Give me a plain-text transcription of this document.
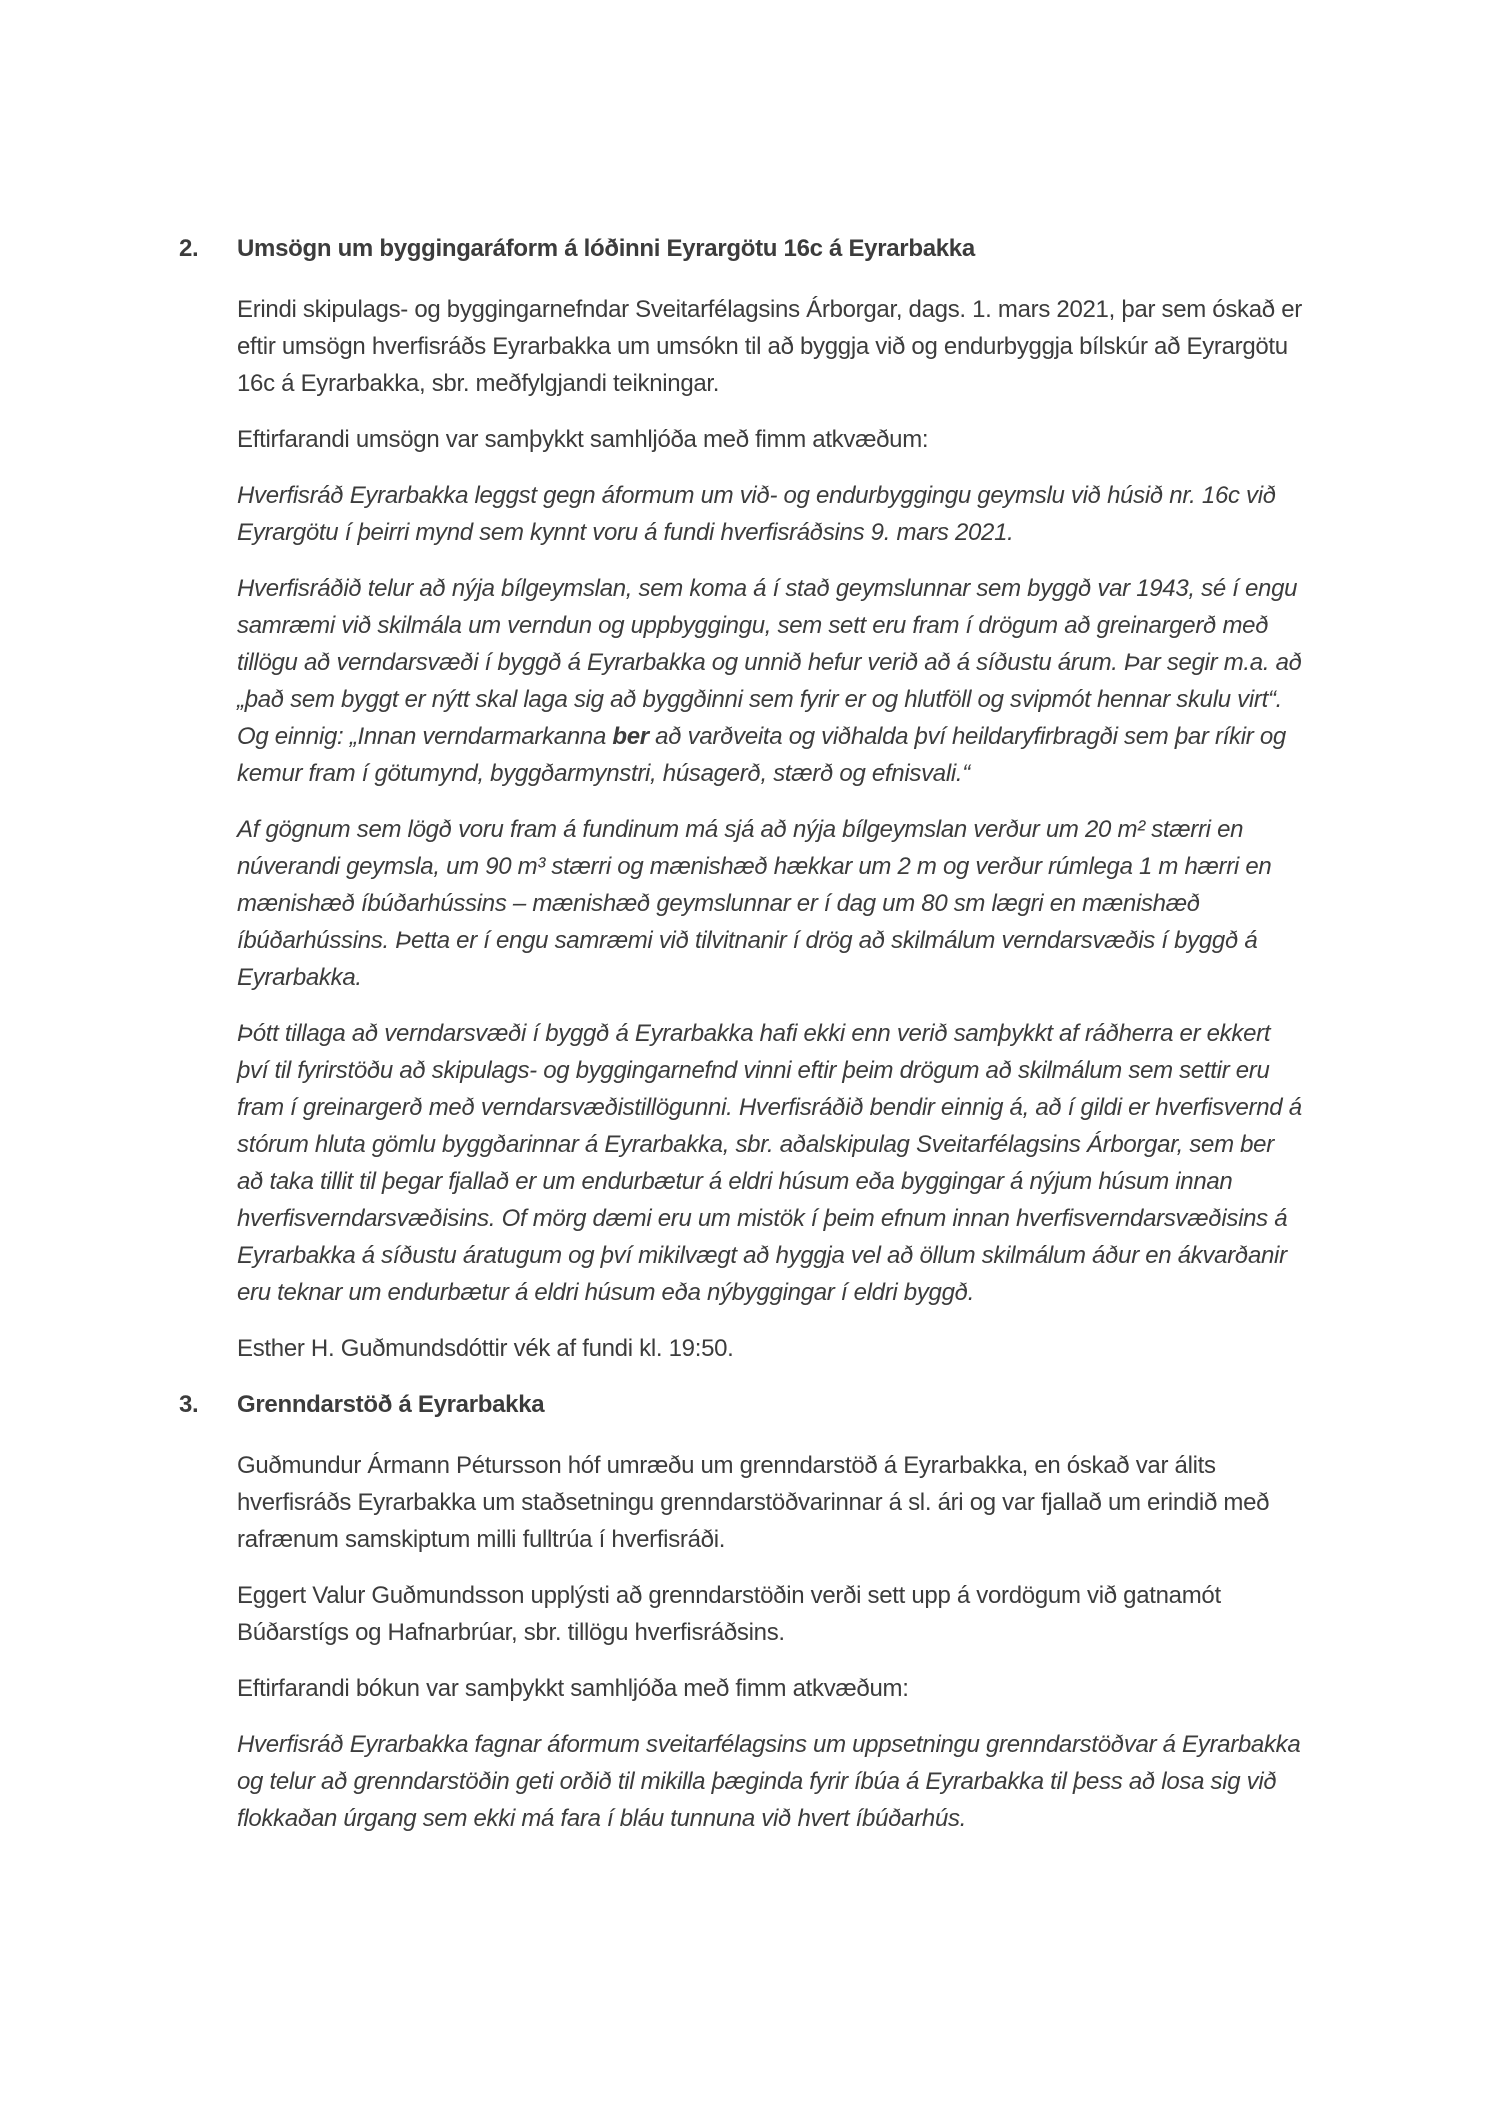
2.	Umsögn um byggingaráform á lóðinni Eyrargötu 16c á Eyrarbakka
Erindi skipulags- og byggingarnefndar Sveitarfélagsins Árborgar, dags. 1. mars 2021, þar sem óskað er eftir umsögn hverfisráðs Eyrarbakka um umsókn til að byggja við og endurbyggja bílskúr að Eyrargötu 16c á Eyrarbakka, sbr. meðfylgjandi teikningar.
Eftirfarandi umsögn var samþykkt samhljóða með fimm atkvæðum:
Hverfisráð Eyrarbakka leggst gegn áformum um við- og endurbyggingu geymslu við húsið nr. 16c við Eyrargötu í þeirri mynd sem kynnt voru á fundi hverfisráðsins 9. mars 2021.
Hverfisráðið telur að nýja bílgeymslan, sem koma á í stað geymslunnar sem byggð var 1943, sé í engu samræmi við skilmála um verndun og uppbyggingu, sem sett eru fram í drögum að greinargerð með tillögu að verndarsvæði í byggð á Eyrarbakka og unnið hefur verið að á síðustu árum. Þar segir m.a. að „það sem byggt er nýtt skal laga sig að byggðinni sem fyrir er og hlutföll og svipmót hennar skulu virt“. Og einnig: „Innan verndarmarkanna ber að varðveita og viðhalda því heildaryfirbragði sem þar ríkir og kemur fram í götumynd, byggðarmynstri, húsagerð, stærð og efnisvali.“
Af gögnum sem lögð voru fram á fundinum má sjá að nýja bílgeymslan verður um 20 m² stærri en núverandi geymsla, um 90 m³ stærri og mænishæð hækkar um 2 m og verður rúmlega 1 m hærri en mænishæð íbúðarhússins – mænishæð geymslunnar er í dag um 80 sm lægri en mænishæð íbúðarhússins. Þetta er í engu samræmi við tilvitnanir í drög að skilmálum verndarsvæðis í byggð á Eyrarbakka.
Þótt tillaga að verndarsvæði í byggð á Eyrarbakka hafi ekki enn verið samþykkt af ráðherra er ekkert því til fyrirstöðu að skipulags- og byggingarnefnd vinni eftir þeim drögum að skilmálum sem settir eru fram í greinargerð með verndarsvæðistillögunni. Hverfisráðið bendir einnig á, að í gildi er hverfisvernd á stórum hluta gömlu byggðarinnar á Eyrarbakka, sbr. aðalskipulag Sveitarfélagsins Árborgar, sem ber að taka tillit til þegar fjallað er um endurbætur á eldri húsum eða byggingar á nýjum húsum innan hverfisverndarsvæðisins. Of mörg dæmi eru um mistök í þeim efnum innan hverfisverndarsvæðisins á Eyrarbakka á síðustu áratugum og því mikilvægt að hyggja vel að öllum skilmálum áður en ákvarðanir eru teknar um endurbætur á eldri húsum eða nýbyggingar í eldri byggð.
Esther H. Guðmundsdóttir vék af fundi kl. 19:50.
3.	Grenndarstöð á Eyrarbakka
Guðmundur Ármann Pétursson hóf umræðu um grenndarstöð á Eyrarbakka, en óskað var álits hverfisráðs Eyrarbakka um staðsetningu grenndarstöðvarinnar á sl. ári og var fjallað um erindið með rafrænum samskiptum milli fulltrúa í hverfisráði.
Eggert Valur Guðmundsson upplýsti að grenndarstöðin verði sett upp á vordögum við gatnamót Búðarstígs og Hafnarbrúar, sbr. tillögu hverfisráðsins.
Eftirfarandi bókun var samþykkt samhljóða með fimm atkvæðum:
Hverfisráð Eyrarbakka fagnar áformum sveitarfélagsins um uppsetningu grenndarstöðvar á Eyrarbakka og telur að grenndarstöðin geti orðið til mikilla þæginda fyrir íbúa á Eyrarbakka til þess að losa sig við flokkaðan úrgang sem ekki má fara í bláu tunnuna við hvert íbúðarhús.
